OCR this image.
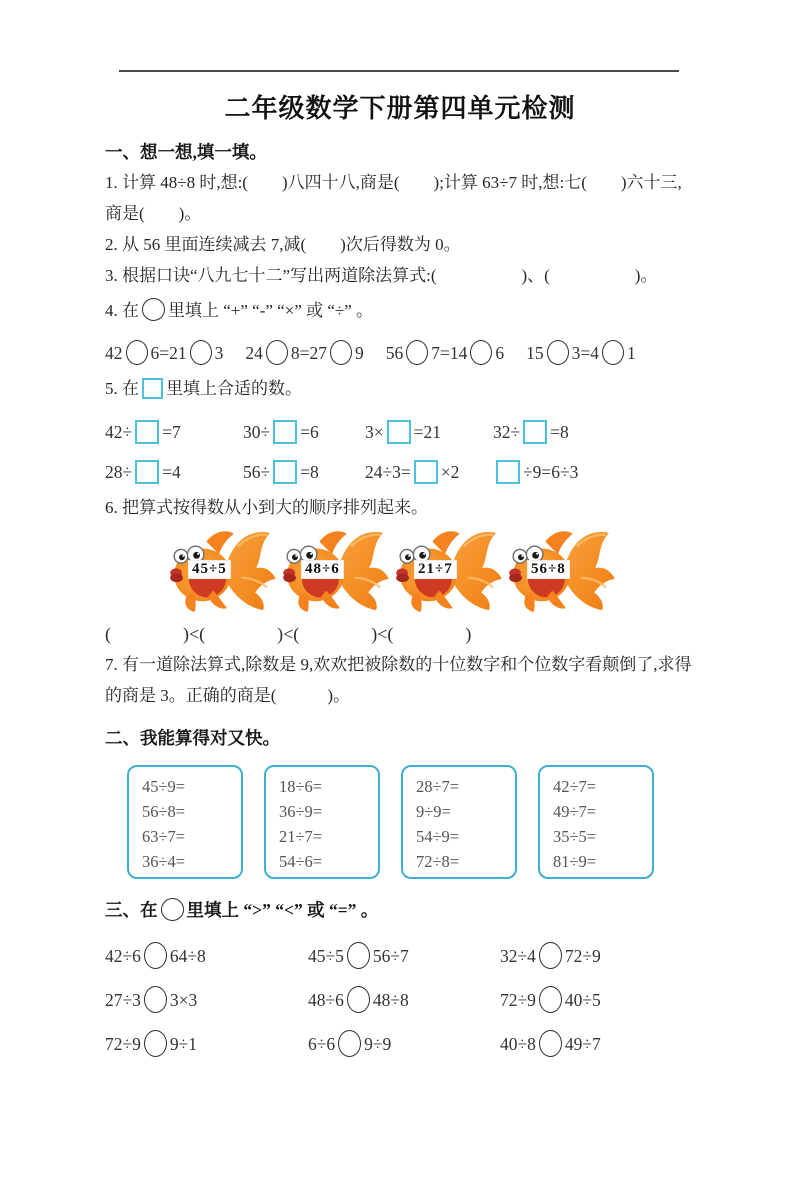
二年级数学下册第四单元检测
一、想一想,填一填。
1. 计算 48÷8 时,想:(　　)八四十八,商是(　　);计算 63÷7 时,想:七(　　)六十三,
商是(　　)。
2. 从 56 里面连续减去 7,减(　　)次后得数为 0。
3. 根据口诀“八九七十二”写出两道除法算式:(　　　　　)、(　　　　　)。
4. 在 里填上 “+” “-” “×” 或 “÷” 。
42 6=21 3 24 8=27 9 56 7=14 6 15 3=4 1
5. 在 里填上合适的数。
42÷ =7	30÷ =6	3× =21	32÷ =8
28÷ =4	56÷ =8	24÷3= ×2	÷9=6÷3
6. 把算式按得数从小到大的顺序排列起来。
45÷5	48÷6	21÷7	56÷8
(　　　　)<(　　　　)<(　　　　)<(　　　　)
7. 有一道除法算式,除数是 9,欢欢把被除数的十位数字和个位数字看颠倒了,求得
的商是 3。正确的商是(　　　)。
二、我能算得对又快。
45÷9=
56÷8=
63÷7=
36÷4=
18÷6=
36÷9=
21÷7=
54÷6=
28÷7=
9÷9=
54÷9=
72÷8=
42÷7=
49÷7=
35÷5=
81÷9=
三、在 里填上 “>” “<” 或 “=” 。
42÷6 64÷8	45÷5 56÷7	32÷4 72÷9
27÷3 3×3	48÷6 48÷8	72÷9 40÷5
72÷9 9÷1	6÷6 9÷9	40÷8 49÷7
